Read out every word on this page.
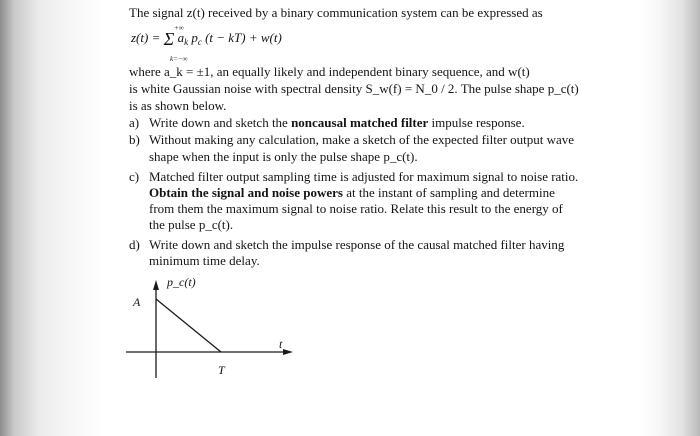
The signal z(t) received by a binary communication system can be expressed as
z(t) = Σ $a_k$ $p_c$ (t − kT) + w(t)
+∞
k=−∞
where a_k = ±1, an equally likely and independent binary sequence, and w(t)
is white Gaussian noise with spectral density S_w(f) = N_0 / 2. The pulse shape p_c(t)
is as shown below.
a) Write down and sketch the noncausal matched filter impulse response.
b) Without making any calculation, make a sketch of the expected filter output wave
shape when the input is only the pulse shape p_c(t).
c) Matched filter output sampling time is adjusted for maximum signal to noise ratio.
Obtain the signal and noise powers at the instant of sampling and determine
from them the maximum signal to noise ratio. Relate this result to the energy of
the pulse p_c(t).
d) Write down and sketch the impulse response of the causal matched filter having
minimum time delay.
p_c(t)
A
t
T
